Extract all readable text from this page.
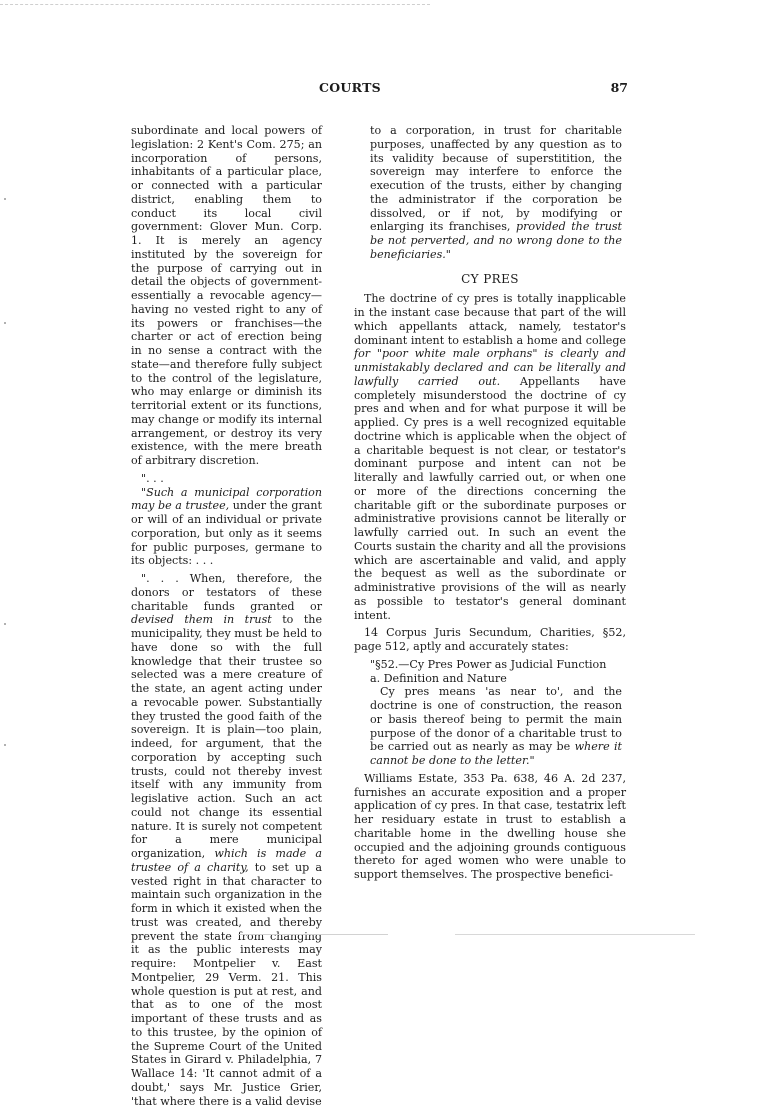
COURTS	87

subordinate and local powers of legislation: 2 Kent's Com. 275; an incorporation of persons, inhabitants of a particular place, or connected with a particular district, enabling them to conduct its local civil government: Glover Mun. Corp. 1. It is merely an agency instituted by the sovereign for the purpose of carrying out in detail the objects of government-essentially a revocable agency—having no vested right to any of its powers or franchises—the charter or act of erection being in no sense a contract with the state—and therefore fully subject to the control of the legislature, who may enlarge or diminish its territorial extent or its functions, may change or modify its internal arrangement, or destroy its very existence, with the mere breath of arbitrary discretion.

". . .

"Such a municipal corporation may be a trustee, under the grant or will of an individual or private corporation, but only as it seems for public purposes, germane to its objects: . . .

". . . When, therefore, the donors or testators of these charitable funds granted or devised them in trust to the municipality, they must be held to have done so with the full knowledge that their trustee so selected was a mere creature of the state, an agent acting under a revocable power. Substantially they trusted the good faith of the sovereign. It is plain—too plain, indeed, for argument, that the corporation by accepting such trusts, could not thereby invest itself with any immunity from legislative action. Such an act could not change its essential nature. It is surely not competent for a mere municipal organization, which is made a trustee of a charity, to set up a vested right in that character to maintain such organization in the form in which it existed when the trust was created, and thereby prevent the state from changing it as the public interests may require: Montpelier v. East Montpelier, 29 Verm. 21. This whole question is put at rest, and that as to one of the most important of these trusts and as to this trustee, by the opinion of the Supreme Court of the United States in Girard v. Philadelphia, 7 Wallace 14: 'It cannot admit of a doubt,' says Mr. Justice Grier, 'that where there is a valid devise

to a corporation, in trust for charitable purposes, unaffected by any question as to its validity because of superstitition, the sovereign may interfere to enforce the execution of the trusts, either by changing the administrator if the corporation be dissolved, or if not, by modifying or enlarging its franchises, provided the trust be not perverted, and no wrong done to the beneficiaries."

CY PRES

The doctrine of cy pres is totally inapplicable in the instant case because that part of the will which appellants attack, namely, testator's dominant intent to establish a home and college for "poor white male orphans" is clearly and unmistakably declared and can be literally and lawfully carried out. Appellants have completely misunderstood the doctrine of cy pres and when and for what purpose it will be applied. Cy pres is a well recognized equitable doctrine which is applicable when the object of a charitable bequest is not clear, or testator's dominant purpose and intent can not be literally and lawfully carried out, or when one or more of the directions concerning the charitable gift or the subordinate purposes or administrative provisions cannot be literally or lawfully carried out. In such an event the Courts sustain the charity and all the provisions which are ascertainable and valid, and apply the bequest as well as the subordinate or administrative provisions of the will as nearly as possible to testator's general dominant intent.

14 Corpus Juris Secundum, Charities, §52, page 512, aptly and accurately states:

"§52.—Cy Pres Power as Judicial Function

a. Definition and Nature

Cy pres means 'as near to', and the doctrine is one of construction, the reason or basis thereof being to permit the main purpose of the donor of a charitable trust to be carried out as nearly as may be where it cannot be done to the letter."

Williams Estate, 353 Pa. 638, 46 A. 2d 237, furnishes an accurate exposition and a proper application of cy pres. In that case, testatrix left her residuary estate in trust to establish a charitable home in the dwelling house she occupied and the adjoining grounds contiguous thereto for aged women who were unable to support themselves. The prospective benefici-
